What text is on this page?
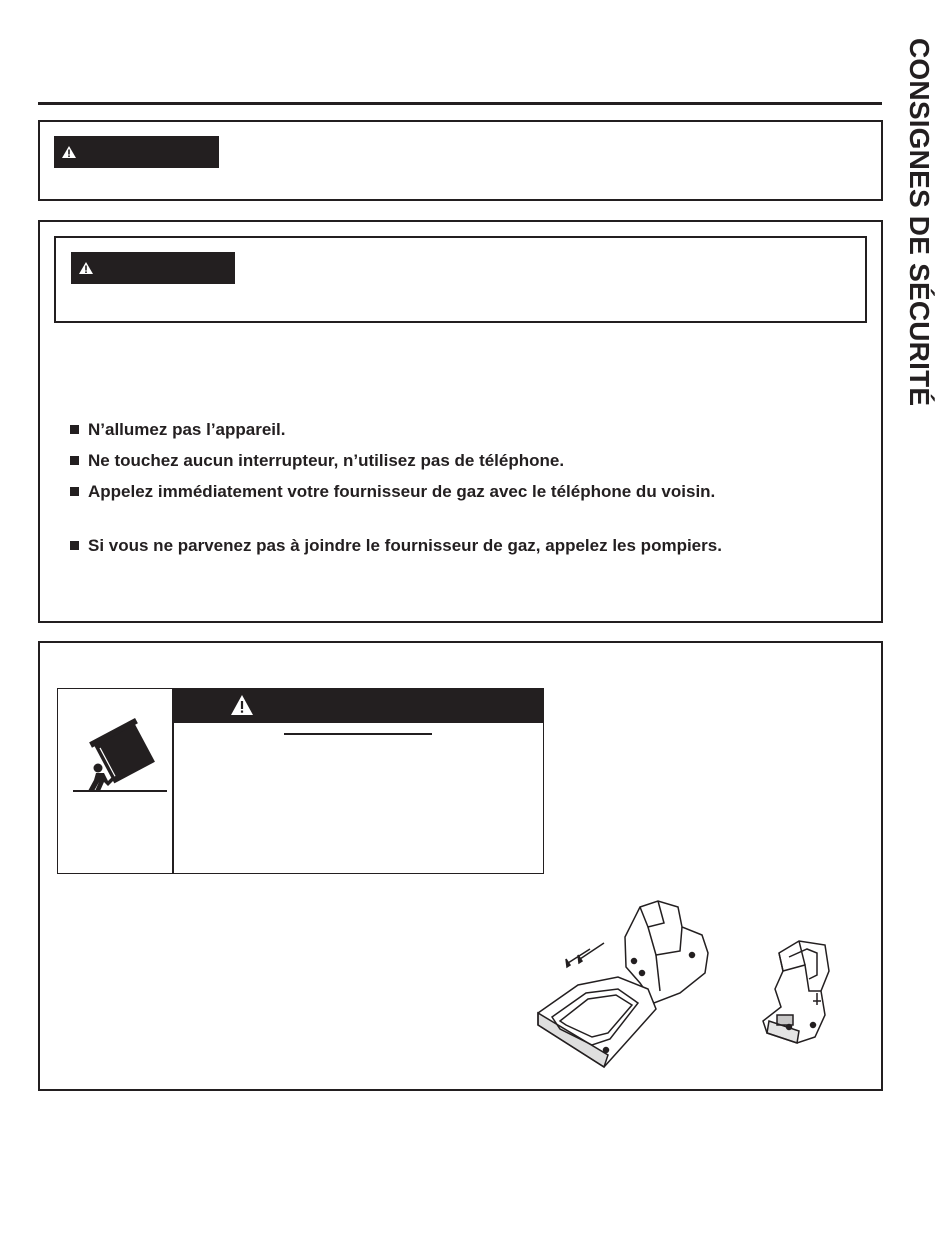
CONSIGNES DE SÉCURITÉ
N’allumez pas l’appareil.
Ne touchez aucun interrupteur, n’utilisez pas de téléphone.
Appelez immédiatement votre fournisseur de gaz avec le téléphone du voisin.
Si vous ne parvenez pas à joindre le fournisseur de gaz, appelez les pompiers.
